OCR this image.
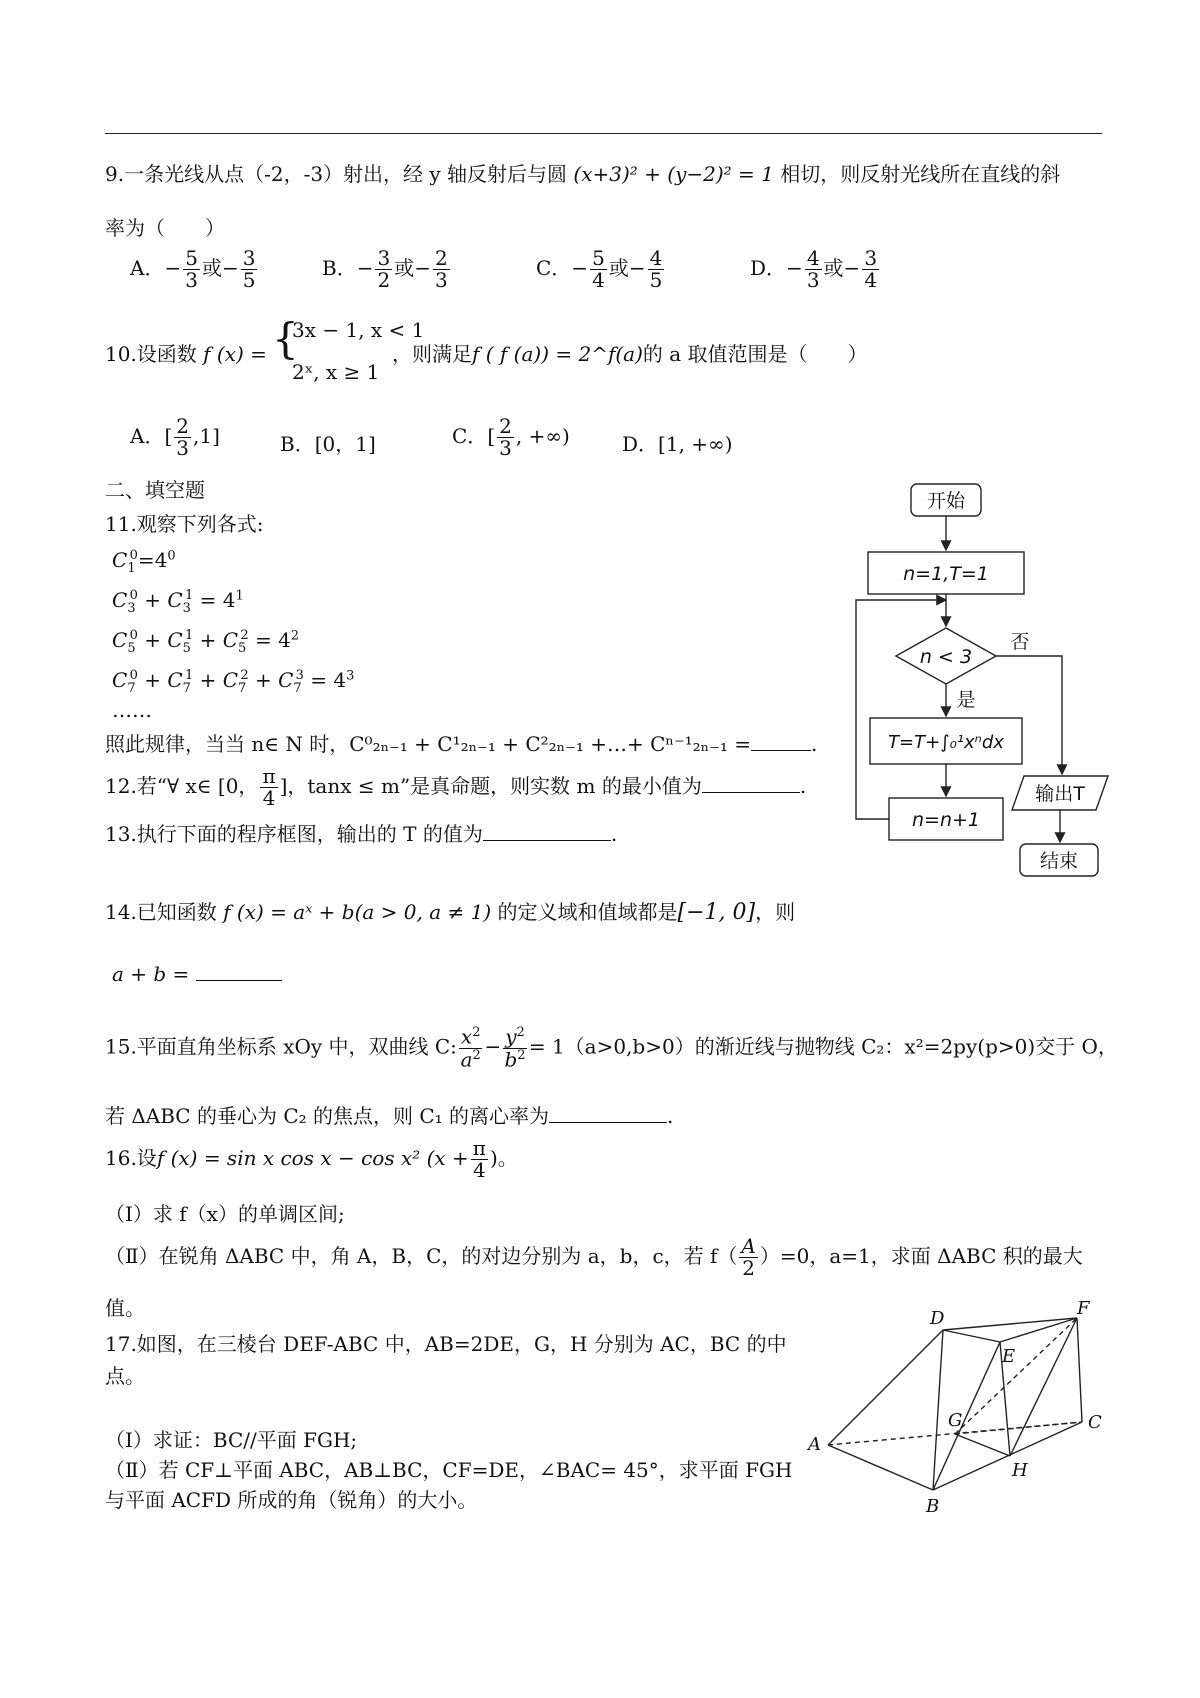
9.一条光线从点（-2，-3）射出，经 y 轴反射后与圆 (x+3)² + (y−2)² = 1 相切，则反射光线所在直线的斜
率为（　　）
A．− $\frac{5}{3}$ 或− $\frac{3}{5}$	B．− $\frac{3}{2}$ 或− $\frac{2}{3}$	C．− $\frac{5}{4}$ 或− $\frac{4}{5}$	D．− $\frac{4}{3}$ 或− $\frac{3}{4}$
10.设函数 f (x) = {
3x − 1, x < 1
2ˣ, x ≥ 1
，则满足f ( f (a)) = 2^f(a)的 a 取值范围是（　　）
A．[ $\frac{2}{3} ,1$]	B．[0，1]	C．[ $\frac{2}{3}$ , +∞)	D．[1, +∞)
二、填空题
11.观察下列各式:
$C_1^0=4^0$
$C_3^0 + C_3^1 = 4^1$
$C_5^0 + C_5^1 + C_5^2 = 4^2$
$C_7^0 + C_7^1 + C_7^2 + C_7^3 = 4^3$
……
照此规律，当当 n∈ N 时，C⁰₂ₙ₋₁ + C¹₂ₙ₋₁ + C²₂ₙ₋₁ +…+ Cⁿ⁻¹₂ₙ₋₁ =	.
12.若“∀ x∈ [0， $\frac{\pi}{4}$ ]，tanx ≤ m”是真命题，则实数 m 的最小值为	.
13.执行下面的程序框图，输出的 T 的值为	.
开始
n=1,T=1
n < 3
否
是
T=T+∫₀¹xⁿdx
n=n+1
输出T
结束
14.已知函数 f (x) = aˣ + b(a > 0, a ≠ 1) 的定义域和值域都是[−1, 0]，则
a + b =
15.平面直角坐标系 xOy 中，双曲线 C: $\frac{x^2}{a^2} - \frac{y^2}{b^2} = 1(a>0,b>0)$的渐近线与抛物线 C₂：x²=2py(p>0)交于 O，
若 ΔABC 的垂心为 C₂ 的焦点，则 C₁ 的离心率为	.
16.设f (x) = sin x cos x − cos x² ($x + \frac{\pi}{4}$ )。
（Ⅰ）求 f（x）的单调区间;
（Ⅱ）在锐角 ΔABC 中，角 A，B，C，的对边分别为 a，b，c，若 $f( \frac{A}{2} )=0$，a=1，求面 ΔABC 积的最大
值。
17.如图，在三棱台 DEF-ABC 中，AB=2DE，G，H 分别为 AC，BC 的中
点。
（Ⅰ）求证：BC//平面 FGH;
（Ⅱ）若 CF⊥平面 ABC，AB⊥BC，CF=DE，∠BAC= 45°，求平面 FGH
与平面 ACFD 所成的角（锐角）的大小。
D	F
E
A
G	C
H
B
